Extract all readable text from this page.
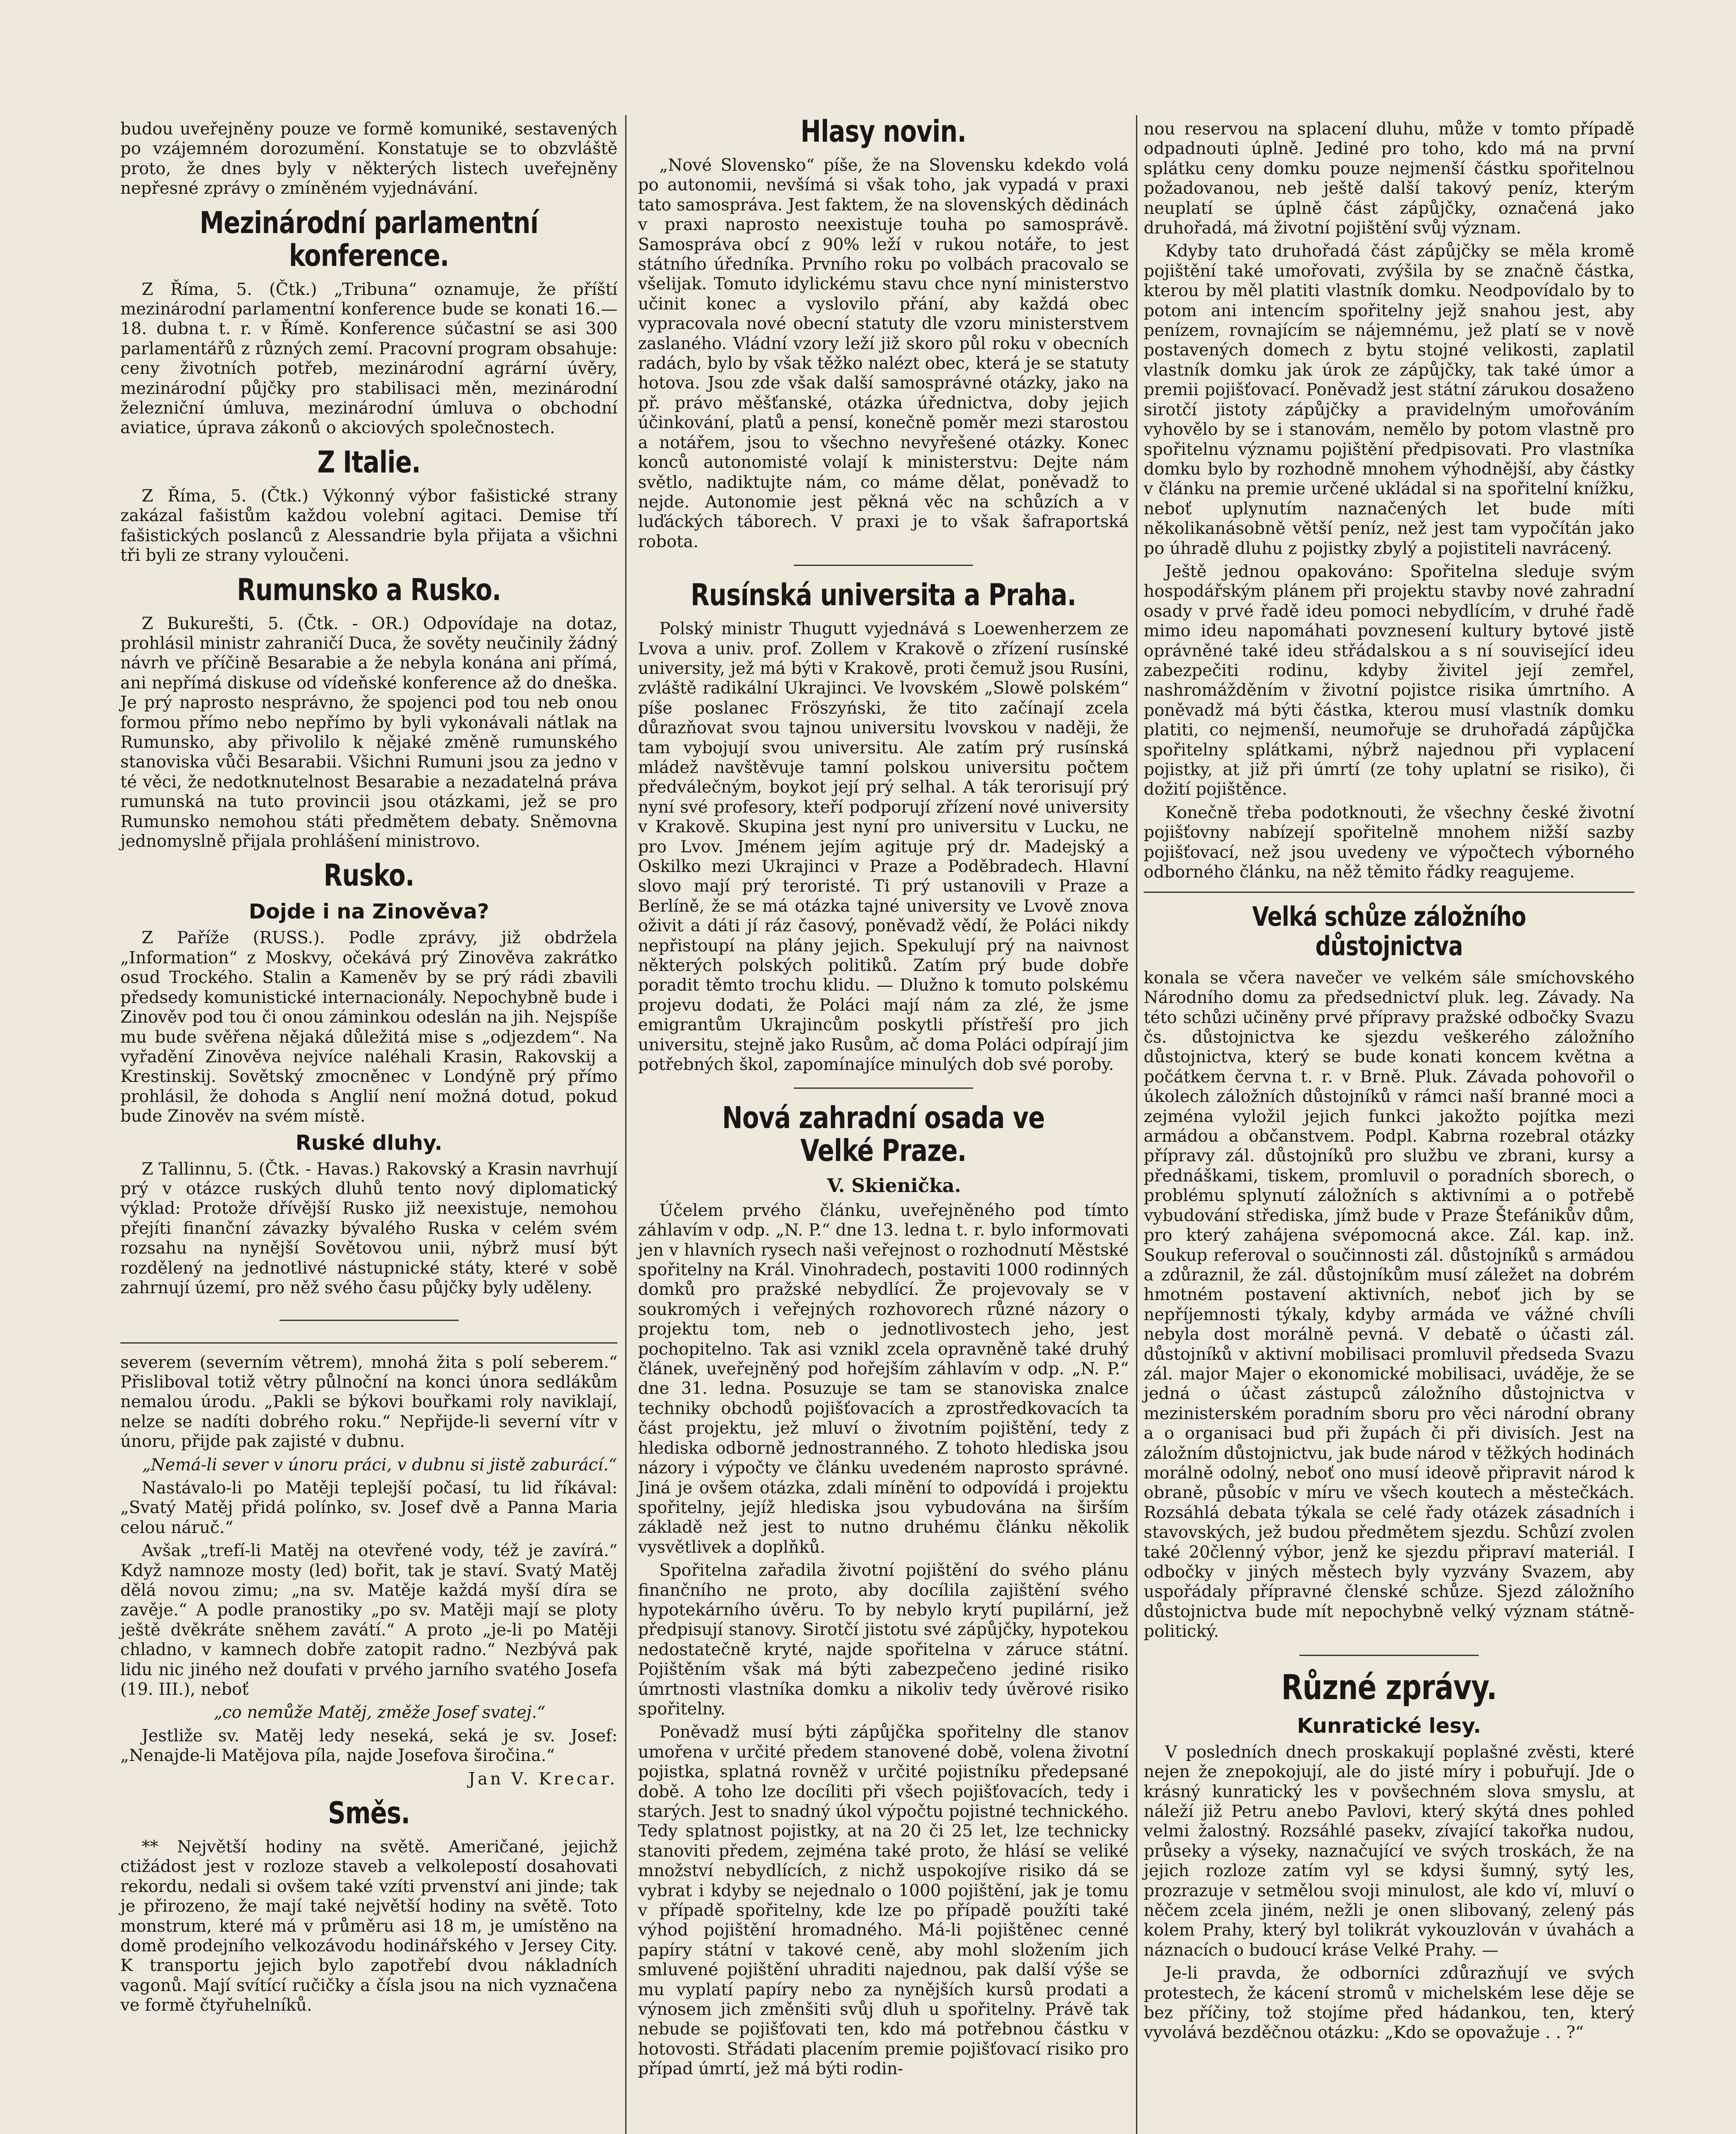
budou uveřejněny pouze ve formě komuniké, sestavených po vzájemném dorozumění. Konstatuje se to obzvláště proto, že dnes byly v některých listech uveřejněny nepřesné zprávy o zmíněném vyjednávání.

Mezinárodní parlamentní konference.

Z Říma, 5. (Čtk.) „Tribuna“ oznamuje, že příští mezinárodní parlamentní konference bude se konati 16.—18. dubna t. r. v Římě. Konference súčastní se asi 300 parlamentářů z různých zemí. Pracovní program obsahuje: ceny životních potřeb, mezinárodní agrární úvěry, mezinárodní půjčky pro stabilisaci měn, mezinárodní železniční úmluva, mezinárodní úmluva o obchodní aviatice, úprava zákonů o akciových společnostech.

Z Italie.

Z Říma, 5. (Čtk.) Výkonný výbor fašistické strany zakázal fašistům každou volební agitaci. Demise tří fašistických poslanců z Alessandrie byla přijata a všichni tři byli ze strany vyloučeni.

Rumunsko a Rusko.

Z Bukurešti, 5. (Čtk. - OR.) Odpovídaje na dotaz, prohlásil ministr zahraničí Duca, že sověty neučinily žádný návrh ve příčině Besarabie a že nebyla konána ani přímá, ani nepřímá diskuse od vídeňské konference až do dneška. Je prý naprosto nesprávno, že spojenci pod tou neb onou formou přímo nebo nepřímo by byli vykonávali nátlak na Rumunsko, aby přivolilo k nějaké změně rumunského stanoviska vůči Besarabii. Všichni Rumuni jsou za jedno v té věci, že nedotknutelnost Besarabie a nezadatelná práva rumunská na tuto provincii jsou otázkami, jež se pro Rumunsko nemohou státi předmětem debaty. Sněmovna jednomyslně přijala prohlášení ministrovo.

Rusko.
Dojde i na Zinověva?

Z Paříže (RUSS.). Podle zprávy, již obdržela „Information“ z Moskvy, očekává prý Zinověva zakrátko osud Trockého. Stalin a Kameněv by se prý rádi zbavili předsedy komunistické internacionály. Nepochybně bude i Zinověv pod tou či onou záminkou odeslán na jih. Nejspíše mu bude svěřena nějaká důležitá mise s „odjezdem“. Na vyřadění Zinověva nejvíce naléhali Krasin, Rakovskij a Krestinskij. Sovětský zmocněnec v Londýně prý přímo prohlásil, že dohoda s Anglií není možná dotud, pokud bude Zinověv na svém místě.

Ruské dluhy.

Z Tallinnu, 5. (Čtk. - Havas.) Rakovský a Krasin navrhují prý v otázce ruských dluhů tento nový diplomatický výklad: Protože dřívější Rusko již neexistuje, nemohou přejíti finanční závazky bývalého Ruska v celém svém rozsahu na nynější Sovětovou unii, nýbrž musí být rozdělený na jednotlivé nástupnické státy, které v sobě zahrnují území, pro něž svého času půjčky byly uděleny.

severem (severním větrem), mnohá žita s polí seberem.“ Přisliboval totiž větry půlnoční na konci února sedlákům nemalou úrodu. „Pakli se býkovi bouřkami roly naviklají, nelze se nadíti dobrého roku.“ Nepřijde-li severní vítr v únoru, přijde pak zajisté v dubnu.

„Nemá-li sever v únoru práci, v dubnu si jistě zaburácí.“

Nastávalo-li po Matěji teplejší počasí, tu lid říkával: „Svatý Matěj přidá polínko, sv. Josef dvě a Panna Maria celou náruč.“

Avšak „trefí-li Matěj na otevřené vody, též je zavírá.“ Když namnoze mosty (led) bořit, tak je staví. Svatý Matěj dělá novou zimu; „na sv. Matěje každá myší díra se zavěje.“ A podle pranostiky „po sv. Matěji mají se ploty ještě dvěkráte sněhem zavátí.“ A proto „je-li po Matěji chladno, v kamnech dobře zatopit radno.“ Nezbývá pak lidu nic jiného než doufati v prvého jarního svatého Josefa (19. III.), neboť

„co nemůže Matěj, změže Josef svatej.“

Jestliže sv. Matěj ledy neseká, seká je sv. Josef: „Nenajde-li Matějova píla, najde Josefova širočina.“

Jan V. Krecar.

Směs.

** Největší hodiny na světě. Američané, jejichž ctižádost jest v rozloze staveb a velkolepostí dosahovati rekordu, nedali si ovšem také vzíti prvenství ani jinde; tak je přirozeno, že mají také největší hodiny na světě. Toto monstrum, které má v průměru asi 18 m, je umístěno na domě prodejního velkozávodu hodinářského v Jersey City. K transportu jejich bylo zapotřebí dvou nákladních vagonů. Mají svítící ručičky a čísla jsou na nich vyznačena ve formě čtyřuhelníků.

Hlasy novin.

„Nové Slovensko“ píše, že na Slovensku kdekdo volá po autonomii, nevšímá si však toho, jak vypadá v praxi tato samospráva. Jest faktem, že na slovenských dědinách v praxi naprosto neexistuje touha po samosprávě. Samospráva obcí z 90% leží v rukou notáře, to jest státního úředníka. Prvního roku po volbách pracovalo se všelijak. Tomuto idylickému stavu chce nyní ministerstvo učinit konec a vyslovilo přání, aby každá obec vypracovala nové obecní statuty dle vzoru ministerstvem zaslaného. Vládní vzory leží již skoro půl roku v obecních radách, bylo by však těžko nalézt obec, která je se statuty hotova. Jsou zde však další samosprávné otázky, jako na př. právo měšťanské, otázka úřednictva, doby jejich účinkování, platů a pensí, konečně poměr mezi starostou a notářem, jsou to všechno nevyřešené otázky. Konec konců autonomisté volají k ministerstvu: Dejte nám světlo, nadiktujte nám, co máme dělat, poněvadž to nejde. Autonomie jest pěkná věc na schůzích a v luďáckých táborech. V praxi je to však šafraportská robota.

Rusínská universita a Praha.

Polský ministr Thugutt vyjednává s Loewenherzem ze Lvova a univ. prof. Zollem v Krakově o zřízení rusínské university, jež má býti v Krakově, proti čemuž jsou Rusíni, zvláště radikální Ukrajinci. Ve lvovském „Slowě polském“ píše poslanec Fröszyński, že tito začínají zcela důrazňovat svou tajnou universitu lvovskou v naději, že tam vybojují svou universitu. Ale zatím prý rusínská mládež navštěvuje tamní polskou universitu počtem předválečným, boykot její prý selhal. A ták terorisují prý nyní své profesory, kteří podporují zřízení nové university v Krakově. Skupina jest nyní pro universitu v Lucku, ne pro Lvov. Jménem jejím agituje prý dr. Madejský a Oskilko mezi Ukrajinci v Praze a Poděbradech. Hlavní slovo mají prý teroristé. Ti prý ustanovili v Praze a Berlíně, že se má otázka tajné university ve Lvově znova oživit a dáti jí ráz časový, poněvadž vědí, že Poláci nikdy nepřistoupí na plány jejich. Spekulují prý na naivnost některých polských politiků. Zatím prý bude dobře poradit těmto trochu klidu. — Dlužno k tomuto polskému projevu dodati, že Poláci mají nám za zlé, že jsme emigrantům Ukrajincům poskytli přístřeší pro jich universitu, stejně jako Rusům, ač doma Poláci odpírají jim potřebných škol, zapomínajíce minulých dob své poroby.

Nová zahradní osada ve Velké Praze.

V. Skienička.

Účelem prvého článku, uveřejněného pod tímto záhlavím v odp. „N. P.“ dne 13. ledna t. r. bylo informovati jen v hlavních rysech naši veřejnost o rozhodnutí Městské spořitelny na Král. Vinohradech, postaviti 1000 rodinných domků pro pražské nebydlící. Že projevovaly se v soukromých i veřejných rozhovorech různé názory o projektu tom, neb o jednotlivostech jeho, jest pochopitelno. Tak asi vznikl zcela opravněně také druhý článek, uveřejněný pod hořejším záhlavím v odp. „N. P.“ dne 31. ledna. Posuzuje se tam se stanoviska znalce techniky obchodů pojišťovacích a zprostředkovacích ta část projektu, jež mluví o životním pojištění, tedy z hlediska odborně jednostranného. Z tohoto hlediska jsou názory i výpočty ve článku uvedeném naprosto správné. Jiná je ovšem otázka, zdali mínění to odpovídá i projektu spořitelny, jejíž hlediska jsou vybudována na širším základě než jest to nutno druhému článku několik vysvětlivek a doplňků.

Spořitelna zařadila životní pojištění do svého plánu finančního ne proto, aby docílila zajištění svého hypotekárního úvěru. To by nebylo krytí pupilární, jež předpisují stanovy. Sirotčí jistotu své zápůjčky, hypotekou nedostatečně kryté, najde spořitelna v záruce státní. Pojištěním však má býti zabezpečeno jediné risiko úmrtnosti vlastníka domku a nikoliv tedy úvěrové risiko spořitelny.

Poněvadž musí býti zápůjčka spořitelny dle stanov umořena v určité předem stanovené době, volena životní pojistka, splatná rovněž v určité pojistníku předepsané době. A toho lze docíliti při všech pojišťovacích, tedy i starých. Jest to snadný úkol výpočtu pojistné technického. Tedy splatnost pojistky, at na 20 či 25 let, lze technicky stanoviti předem, zejména také proto, že hlásí se veliké množství nebydlících, z nichž uspokojíve risiko dá se vybrat i kdyby se nejednalo o 1000 pojištění, jak je tomu v případě spořitelny, kde lze po případě použíti také výhod pojištění hromadného. Má-li pojištěnec cenné papíry státní v takové ceně, aby mohl složením jich smluvené pojištění uhraditi najednou, pak další výše se mu vyplatí papíry nebo za nynějších kursů prodati a výnosem jich změnšiti svůj dluh u spořitelny. Právě tak nebude se pojišťovati ten, kdo má potřebnou částku v hotovosti. Střádati placením premie pojišťovací risiko pro případ úmrtí, jež má býti rodin-

nou reservou na splacení dluhu, může v tomto případě odpadnouti úplně. Jediné pro toho, kdo má na první splátku ceny domku pouze nejmenší částku spořitelnou požadovanou, neb ještě další takový peníz, kterým neuplatí se úplně část zápůjčky, označená jako druhořadá, má životní pojištění svůj význam.

Kdyby tato druhořadá část zápůjčky se měla kromě pojištění také umořovati, zvýšila by se značně částka, kterou by měl platiti vlastník domku. Neodpovídalo by to potom ani intencím spořitelny jejž snahou jest, aby penízem, rovnajícím se nájemnému, jež platí se v nově postavených domech z bytu stojné velikosti, zaplatil vlastník domku jak úrok ze zápůjčky, tak také úmor a premii pojišťovací. Poněvadž jest státní zárukou dosaženo sirotčí jistoty zápůjčky a pravidelným umořováním vyhovělo by se i stanovám, nemělo by potom vlastně pro spořitelnu významu pojištění předpisovati. Pro vlastníka domku bylo by rozhodně mnohem výhodnější, aby částky v článku na premie určené ukládal si na spořitelní knížku, neboť uplynutím naznačených let bude míti několikanásobně větší peníz, než jest tam vypočítán jako po úhradě dluhu z pojistky zbylý a pojistiteli navrácený.

Ještě jednou opakováno: Spořitelna sleduje svým hospodářským plánem při projektu stavby nové zahradní osady v prvé řadě ideu pomoci nebydlícím, v druhé řadě mimo ideu napomáhati povznesení kultury bytové jistě oprávněné také ideu střádalskou a s ní související ideu zabezpečiti rodinu, kdyby živitel její zemřel, nashromážděním v životní pojistce risika úmrtního. A poněvadž má býti částka, kterou musí vlastník domku platiti, co nejmenší, neumořuje se druhořadá zápůjčka spořitelny splátkami, nýbrž najednou při vyplacení pojistky, at již při úmrtí (ze tohy uplatní se risiko), či dožití pojištěnce.

Konečně třeba podotknouti, že všechny české životní pojišťovny nabízejí spořitelně mnohem nižší sazby pojišťovací, než jsou uvedeny ve výpočtech výborného odborného článku, na něž těmito řádky reagujeme.

Velká schůze záložního důstojnictva

konala se včera navečer ve velkém sále smíchovského Národního domu za předsednictví pluk. leg. Závady. Na této schůzi učiněny prvé přípravy pražské odbočky Svazu čs. důstojnictva ke sjezdu veškerého záložního důstojnictva, který se bude konati koncem května a počátkem června t. r. v Brně. Pluk. Závada pohovořil o úkolech záložních důstojníků v rámci naší branné moci a zejména vyložil jejich funkci jakožto pojítka mezi armádou a občanstvem. Podpl. Kabrna rozebral otázky přípravy zál. důstojníků pro službu ve zbrani, kursy a přednáškami, tiskem, promluvil o poradních sborech, o problému splynutí záložních s aktivními a o potřebě vybudování střediska, jímž bude v Praze Štefánikův dům, pro který zahájena svépomocná akce. Zál. kap. inž. Soukup referoval o součinnosti zál. důstojníků s armádou a zdůraznil, že zál. důstojníkům musí záležet na dobrém hmotném postavení aktivních, neboť jich by se nepříjemnosti týkaly, kdyby armáda ve vážné chvíli nebyla dost morálně pevná. V debatě o účasti zál. důstojníků v aktivní mobilisaci promluvil předseda Svazu zál. major Majer o ekonomické mobilisaci, uváděje, že se jedná o účast zástupců záložního důstojnictva v mezinisterském poradním sboru pro věci národní obrany a o organisaci bud při župách či při divisích. Jest na záložním důstojnictvu, jak bude národ v těžkých hodinách morálně odolný, neboť ono musí ideově připravit národ k obraně, působíc v míru ve všech koutech a městečkách. Rozsáhlá debata týkala se celé řady otázek zásadních i stavovských, jež budou předmětem sjezdu. Schůzí zvolen také 20členný výbor, jenž ke sjezdu připraví materiál. I odbočky v jiných městech byly vyzvány Svazem, aby uspořádaly přípravné členské schůze. Sjezd záložního důstojnictva bude mít nepochybně velký význam státně-politický.

Různé zprávy.
Kunratické lesy.

V posledních dnech proskakují poplašné zvěsti, které nejen že znepokojují, ale do jisté míry i pobuřují. Jde o krásný kunratický les v povšechném slova smyslu, at náleží již Petru anebo Pavlovi, který skýtá dnes pohled velmi žalostný. Rozsáhlé pasekv, zívající takořka nudou, průseky a výseky, naznačující ve svých troskách, že na jejich rozloze zatím vyl se kdysi šumný, sytý les, prozrazuje v setmělou svoji minulost, ale kdo ví, mluví o něčem zcela jiném, nežli je onen slibovaný, zelený pás kolem Prahy, který byl tolikrát vykouzlován v úvahách a náznacích o budoucí kráse Velké Prahy. —

Je-li pravda, že odborníci zdůrazňují ve svých protestech, že kácení stromů v michelském lese děje se bez příčiny, tož stojíme před hádankou, ten, který vyvolává bezděčnou otázku: „Kdo se opovažuje . . ?“
